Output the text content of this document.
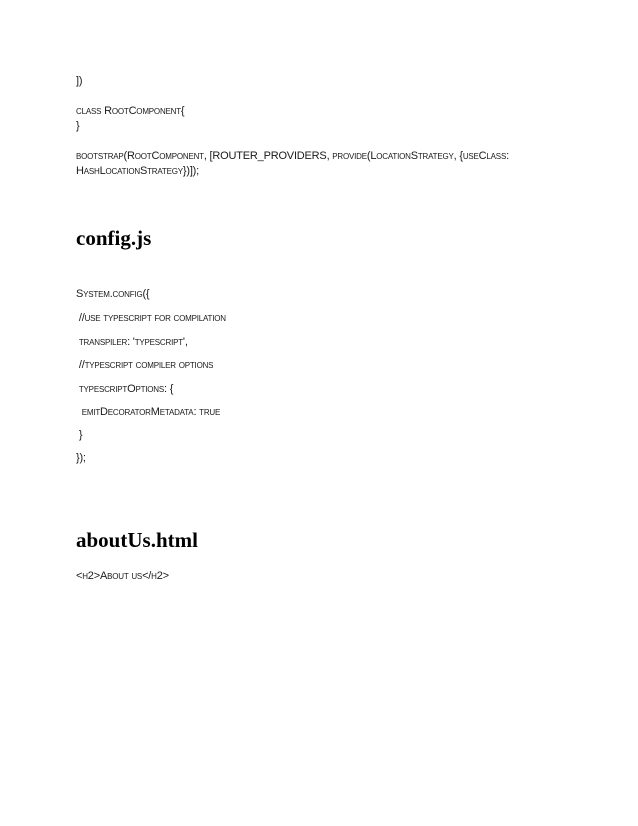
])

class RootComponent{

}

bootstrap(RootComponent, [ROUTER_PROVIDERS, provide(LocationStrategy, {useClass:

HashLocationStrategy})]);

config.js

System.config({

//use typescript for compilation

transpiler: 'typescript',

//typescript compiler options

typescriptOptions: {

emitDecoratorMetadata: true

}

});

aboutUs.html

<h2>About us</h2>
